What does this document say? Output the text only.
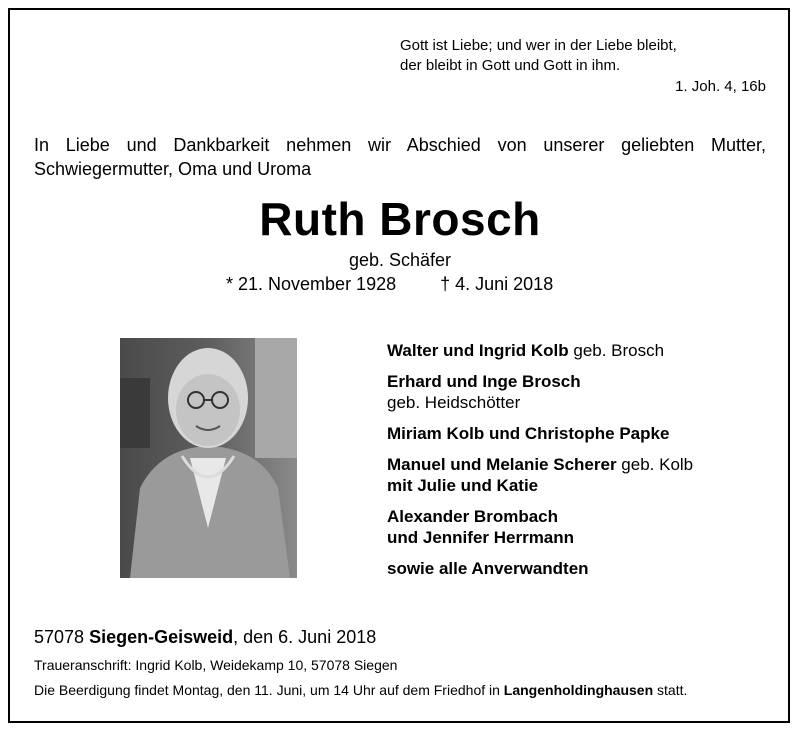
Gott ist Liebe; und wer in der Liebe bleibt,
der bleibt in Gott und Gott in ihm.
1. Joh. 4, 16b
In Liebe und Dankbarkeit nehmen wir Abschied von unserer geliebten Mutter, Schwiegermutter, Oma und Uroma
Ruth Brosch
geb. Schäfer
* 21. November 1928 † 4. Juni 2018
Walter und Ingrid Kolb geb. Brosch
Erhard und Inge Brosch
geb. Heidschötter
Miriam Kolb und Christophe Papke
Manuel und Melanie Scherer geb. Kolb
mit Julie und Katie
Alexander Brombach
und Jennifer Herrmann
sowie alle Anverwandten
57078 Siegen-Geisweid, den 6. Juni 2018
Traueranschrift: Ingrid Kolb, Weidekamp 10, 57078 Siegen
Die Beerdigung findet Montag, den 11. Juni, um 14 Uhr auf dem Friedhof in Langenholdinghausen statt.
